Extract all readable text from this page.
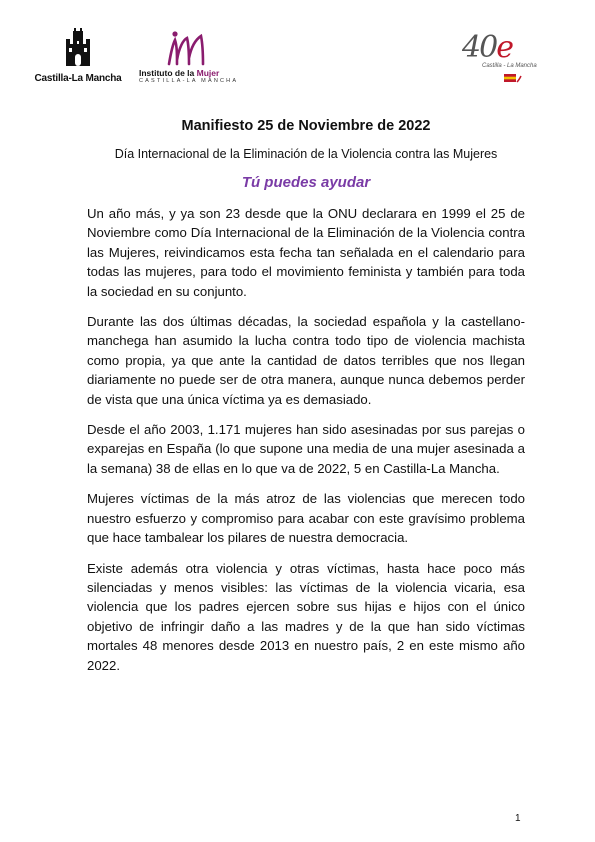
Castilla-La Mancha	Instituto de la Mujer
CASTILLA-LA MANCHA
40e
Castilla - La Mancha
Manifiesto 25 de Noviembre de 2022
Día Internacional de la Eliminación de la Violencia contra las Mujeres
Tú puedes ayudar

Un año más, y ya son 23 desde que la ONU declarara en 1999 el 25 de Noviembre como Día Internacional de la Eliminación de la Violencia contra las Mujeres, reivindicamos esta fecha tan señalada en el calendario para todas las mujeres, para todo el movimiento feminista y también para toda la sociedad en su conjunto.

Durante las dos últimas décadas, la sociedad española y la castellano-manchega han asumido la lucha contra todo tipo de violencia machista como propia, ya que ante la cantidad de datos terribles que nos llegan diariamente no puede ser de otra manera, aunque nunca debemos perder de vista que una única víctima ya es demasiado.

Desde el año 2003, 1.171 mujeres han sido asesinadas por sus parejas o exparejas en España (lo que supone una media de una mujer asesinada a la semana) 38 de ellas en lo que va de 2022, 5 en Castilla-La Mancha.

Mujeres víctimas de la más atroz de las violencias que merecen todo nuestro esfuerzo y compromiso para acabar con este gravísimo problema que hace tambalear los pilares de nuestra democracia.

Existe además otra violencia y otras víctimas, hasta hace poco más silenciadas y menos visibles: las víctimas de la violencia vicaria, esa violencia que los padres ejercen sobre sus hijas e hijos con el único objetivo de infringir daño a las madres y de la que han sido víctimas mortales 48 menores desde 2013 en nuestro país, 2 en este mismo año 2022.

1
